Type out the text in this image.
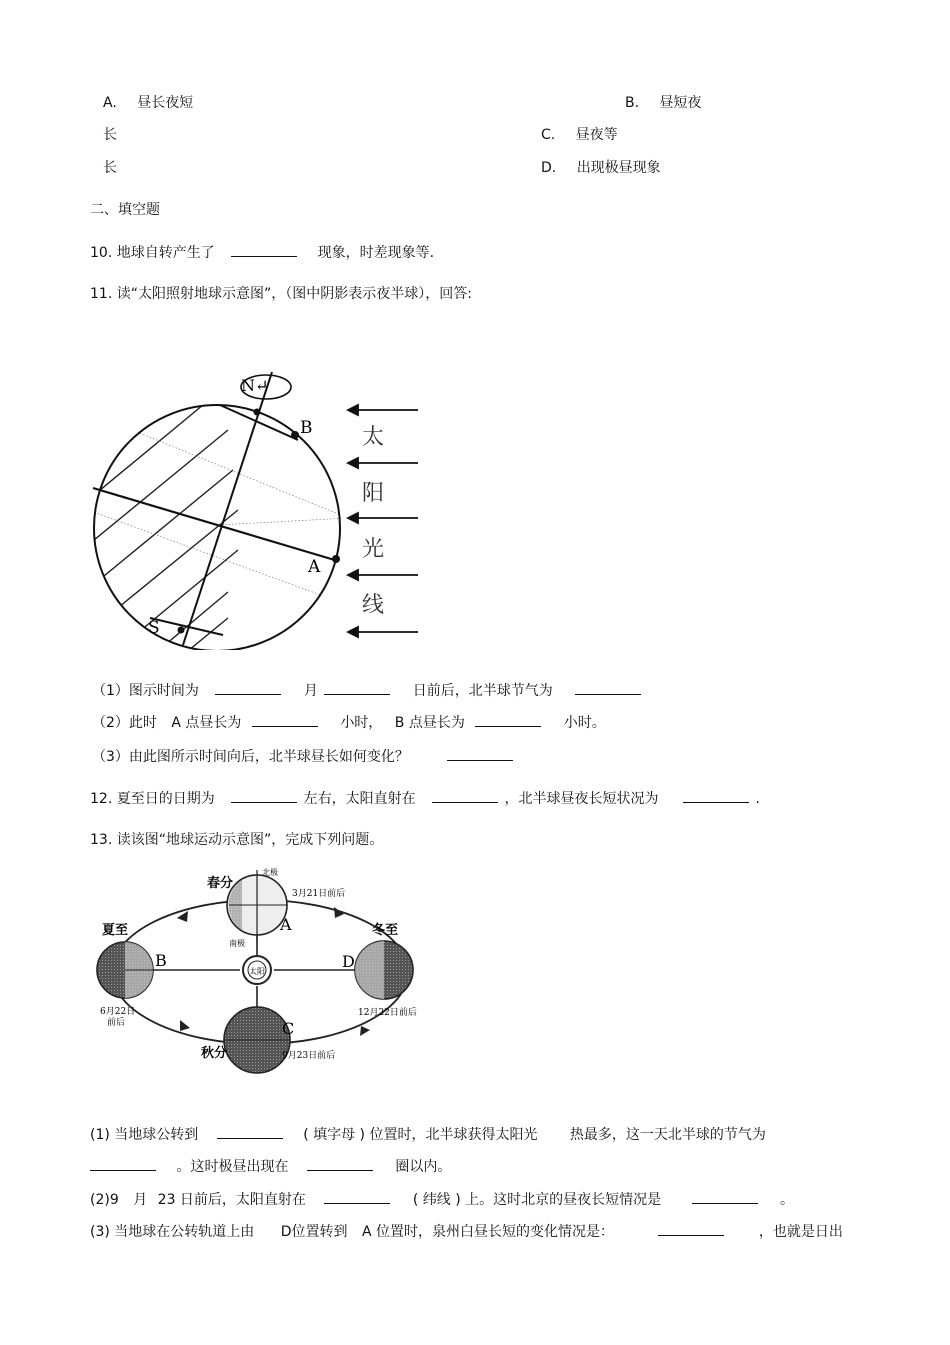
A. 昼长夜短	B. 昼短夜
长	C. 昼夜等
长	D. 出现极昼现象
二、填空题
10. 地球自转产生了	现象，时差现象等.
11. 读“太阳照射地球示意图”，（图中阴影表示夜半球），回答:
N↵
B
A
S
太
阳
光
线
（1）图示时间为	月	日前后，北半球节气为
（2）此时 A 点昼长为	小时， B 点昼长为	小时。
（3）由此图所示时间向后，北半球昼长如何变化？
12. 夏至日的日期为	左右，太阳直射在	，北半球昼夜长短状况为	.
13. 读该图“地球运动示意图”，完成下列问题。
太阳
春分
3月21日前后
北极
南极
A
夏至
6月22日
前后
B
冬至
12月22日前后
D
秋分	9月23日前后
C
(1) 当地球公转到	( 填字母 ) 位置时，北半球获得太阳光 热最多，这一天北半球的节气为
。这时极昼出现在	圈以内。
(2)9 月 23 日前后，太阳直射在	( 纬线 ) 上。这时北京的昼夜长短情况是	。
(3) 当地球在公转轨道上由 D位置转到 A 位置时，泉州白昼长短的变化情况是：	，也就是日出
